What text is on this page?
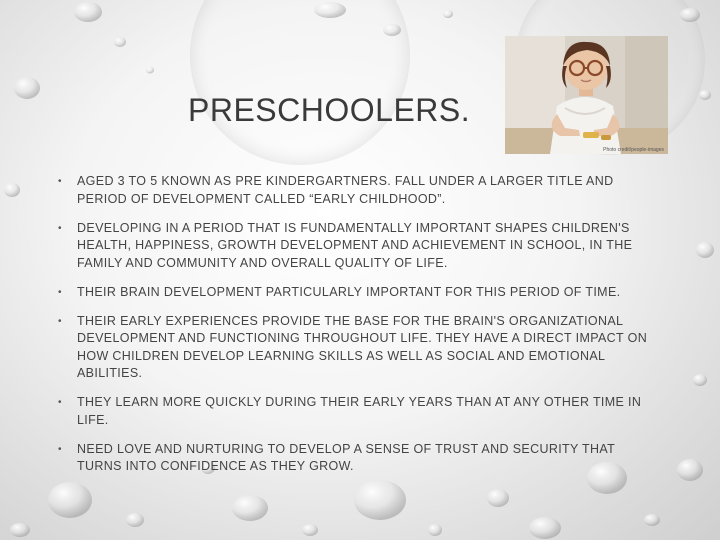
PRESCHOOLERS.
Photo credit/people-images
• AGED 3 TO 5 KNOWN AS PRE KINDERGARTNERS. FALL UNDER A LARGER TITLE AND PERIOD OF DEVELOPMENT CALLED “EARLY CHILDHOOD”.
• DEVELOPING IN A PERIOD THAT IS FUNDAMENTALLY IMPORTANT SHAPES CHILDREN'S HEALTH, HAPPINESS, GROWTH DEVELOPMENT AND ACHIEVEMENT IN SCHOOL, IN THE FAMILY AND COMMUNITY AND OVERALL QUALITY OF LIFE.
• THEIR BRAIN DEVELOPMENT PARTICULARLY IMPORTANT FOR THIS PERIOD OF TIME.
• THEIR EARLY EXPERIENCES PROVIDE THE BASE FOR THE BRAIN'S ORGANIZATIONAL DEVELOPMENT AND FUNCTIONING THROUGHOUT LIFE. THEY HAVE A DIRECT IMPACT ON HOW CHILDREN DEVELOP LEARNING SKILLS AS WELL AS SOCIAL AND EMOTIONAL ABILITIES.
• THEY LEARN MORE QUICKLY DURING THEIR EARLY YEARS THAN AT ANY OTHER TIME IN LIFE.
• NEED LOVE AND NURTURING TO DEVELOP A SENSE OF TRUST AND SECURITY THAT TURNS INTO CONFIDENCE AS THEY GROW.
